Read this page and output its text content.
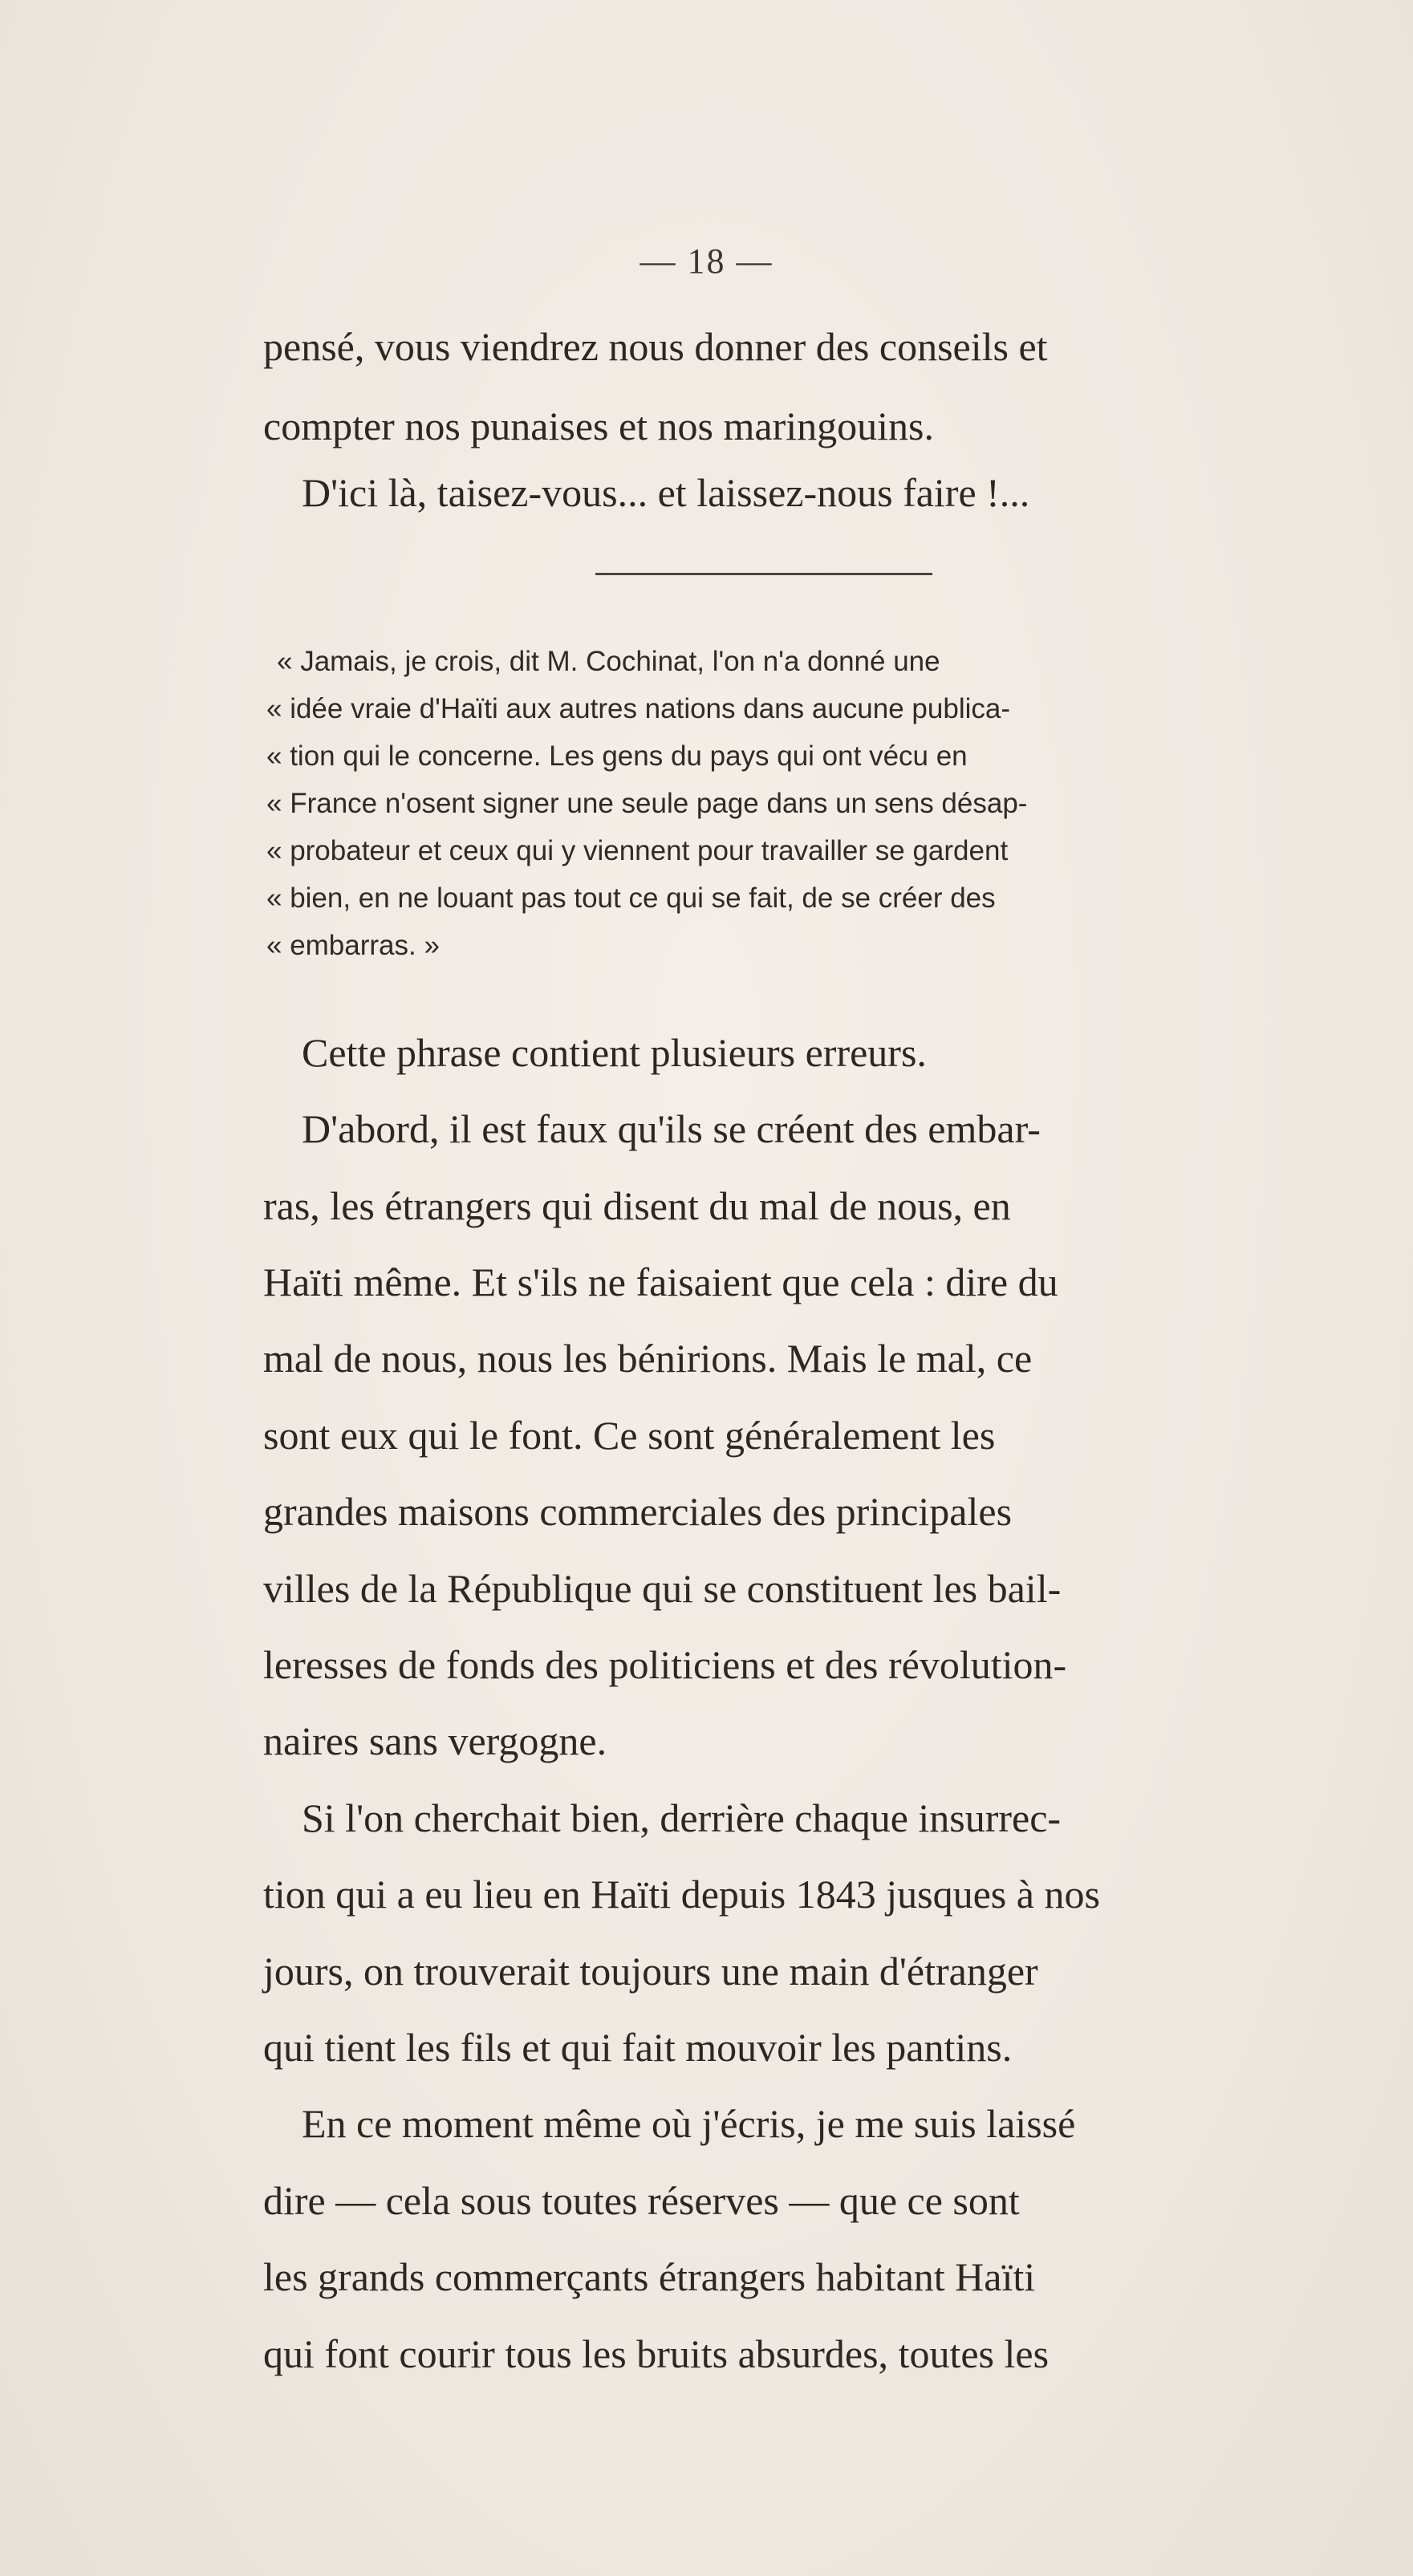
— 18 —
pensé, vous viendrez nous donner des conseils et
compter nos punaises et nos maringouins.
D'ici là, taisez-vous... et laissez-nous faire !...
« Jamais, je crois, dit M. Cochinat, l'on n'a donné une
« idée vraie d'Haïti aux autres nations dans aucune publica-
« tion qui le concerne. Les gens du pays qui ont vécu en
« France n'osent signer une seule page dans un sens désap-
« probateur et ceux qui y viennent pour travailler se gardent
« bien, en ne louant pas tout ce qui se fait, de se créer des
« embarras. »
Cette phrase contient plusieurs erreurs.
D'abord, il est faux qu'ils se créent des embar-
ras, les étrangers qui disent du mal de nous, en
Haïti même. Et s'ils ne faisaient que cela : dire du
mal de nous, nous les bénirions. Mais le mal, ce
sont eux qui le font. Ce sont généralement les
grandes maisons commerciales des principales
villes de la République qui se constituent les bail-
leresses de fonds des politiciens et des révolution-
naires sans vergogne.
Si l'on cherchait bien, derrière chaque insurrec-
tion qui a eu lieu en Haïti depuis 1843 jusques à nos
jours, on trouverait toujours une main d'étranger
qui tient les fils et qui fait mouvoir les pantins.
En ce moment même où j'écris, je me suis laissé
dire — cela sous toutes réserves — que ce sont
les grands commerçants étrangers habitant Haïti
qui font courir tous les bruits absurdes, toutes les
